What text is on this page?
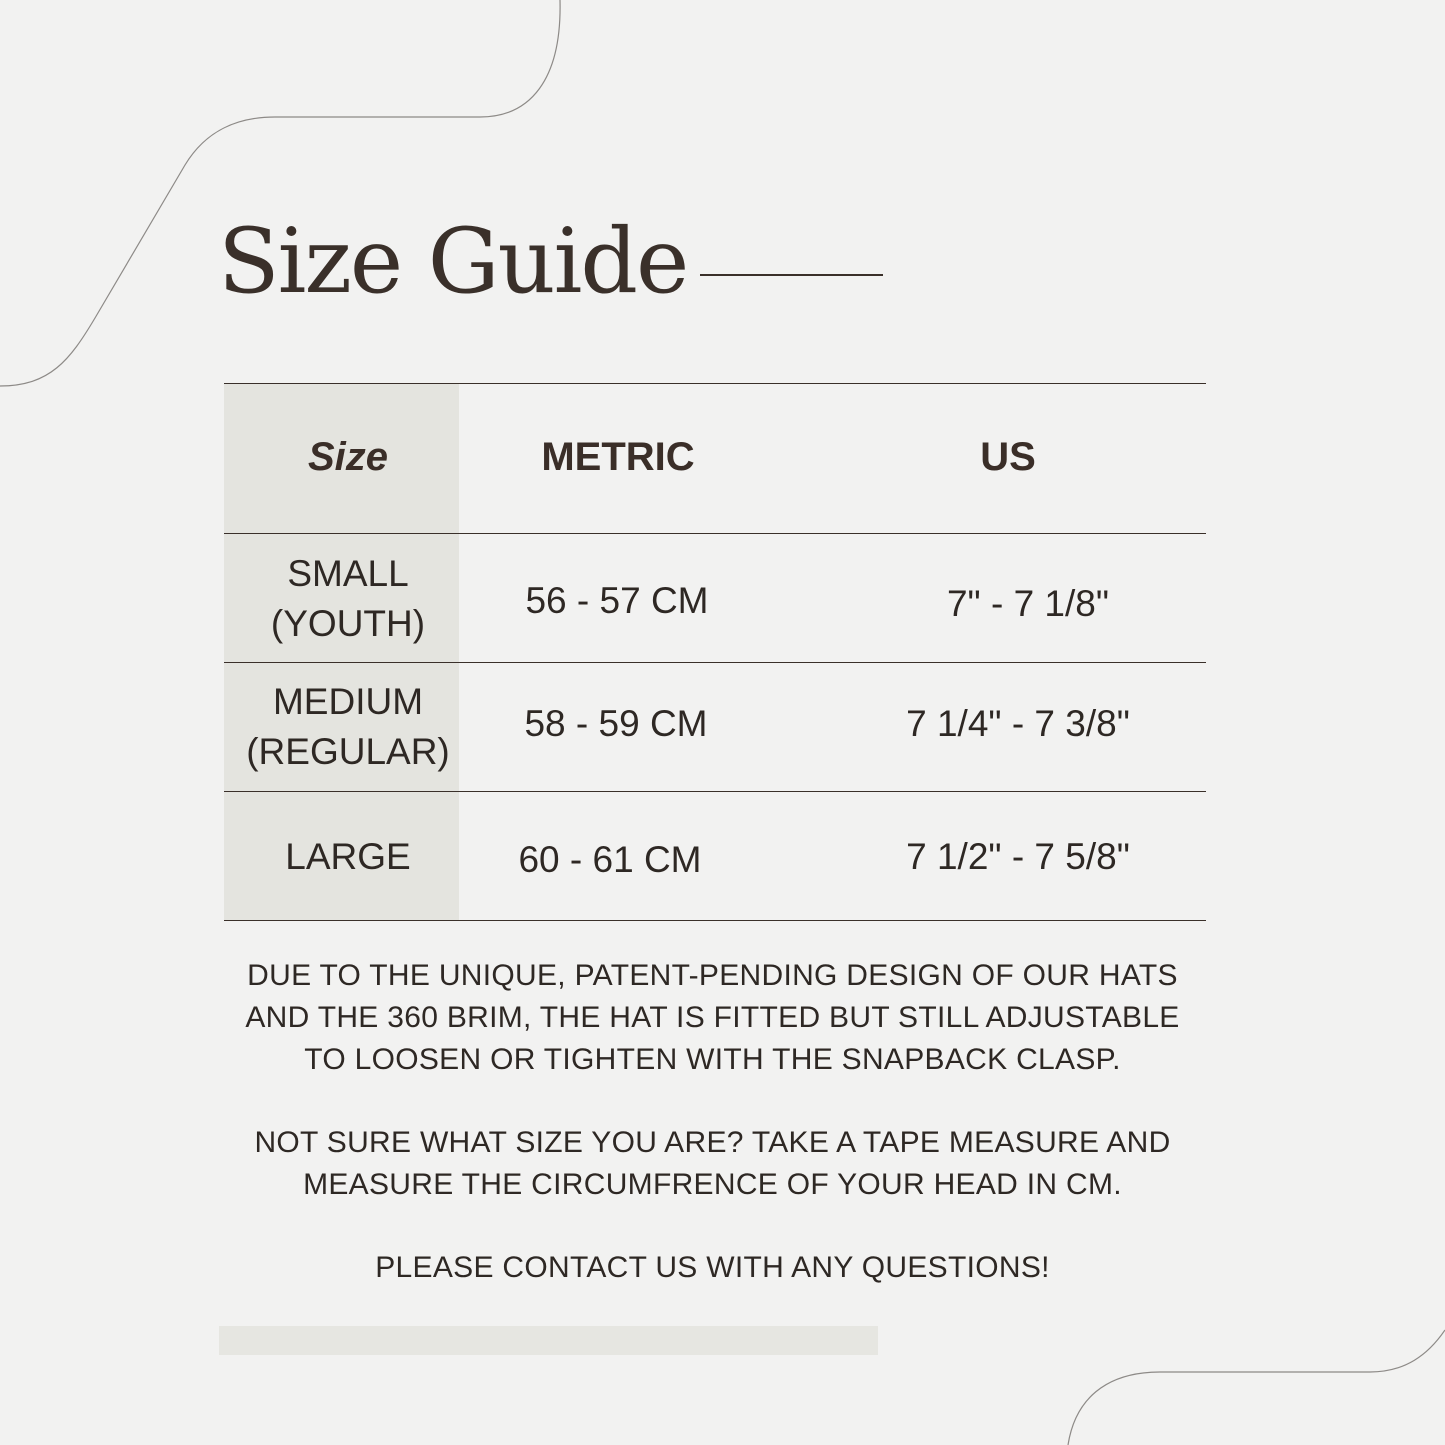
Size Guide
Size	METRIC	US
SMALL
(YOUTH)
56 - 57 CM	7" - 7 1/8"
MEDIUM
(REGULAR)
58 - 59 CM	7 1/4" - 7 3/8"
LARGE	60 - 61 CM	7 1/2" - 7 5/8"

DUE TO THE UNIQUE, PATENT-PENDING DESIGN OF OUR HATS
AND THE 360 BRIM, THE HAT IS FITTED BUT STILL ADJUSTABLE
TO LOOSEN OR TIGHTEN WITH THE SNAPBACK CLASP.

NOT SURE WHAT SIZE YOU ARE? TAKE A TAPE MEASURE AND
MEASURE THE CIRCUMFRENCE OF YOUR HEAD IN CM.

PLEASE CONTACT US WITH ANY QUESTIONS!
